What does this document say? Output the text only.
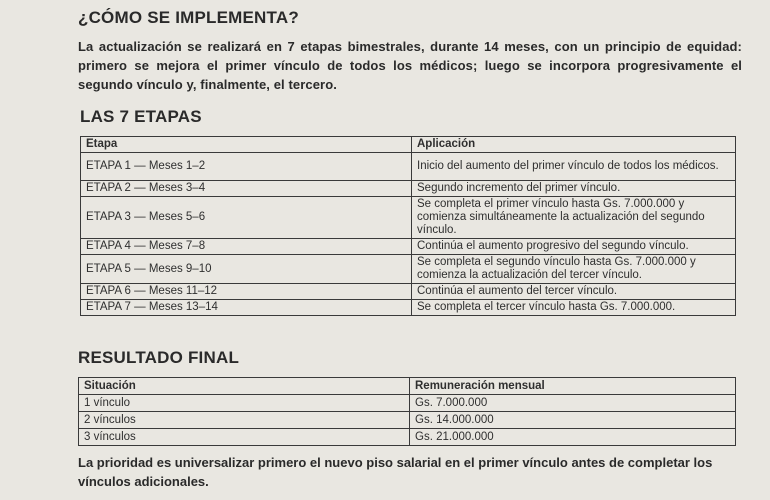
¿CÓMO SE IMPLEMENTA?

La actualización se realizará en 7 etapas bimestrales, durante 14 meses, con un principio de equidad: primero se mejora el primer vínculo de todos los médicos; luego se incorpora progresivamente el segundo vínculo y, finalmente, el tercero.

LAS 7 ETAPAS
Etapa	Aplicación
ETAPA 1 — Meses 1–2	Inicio del aumento del primer vínculo de todos los médicos.
ETAPA 2 — Meses 3–4	Segundo incremento del primer vínculo.
ETAPA 3 — Meses 5–6	Se completa el primer vínculo hasta Gs. 7.000.000 y comienza simultáneamente la actualización del segundo vínculo.
ETAPA 4 — Meses 7–8	Continúa el aumento progresivo del segundo vínculo.
ETAPA 5 — Meses 9–10	Se completa el segundo vínculo hasta Gs. 7.000.000 y comienza la actualización del tercer vínculo.
ETAPA 6 — Meses 11–12	Continúa el aumento del tercer vínculo.
ETAPA 7 — Meses 13–14	Se completa el tercer vínculo hasta Gs. 7.000.000.
RESULTADO FINAL
Situación	Remuneración mensual
1 vínculo	Gs. 7.000.000
2 vínculos	Gs. 14.000.000
3 vínculos	Gs. 21.000.000

La prioridad es universalizar primero el nuevo piso salarial en el primer vínculo antes de completar los vínculos adicionales.
